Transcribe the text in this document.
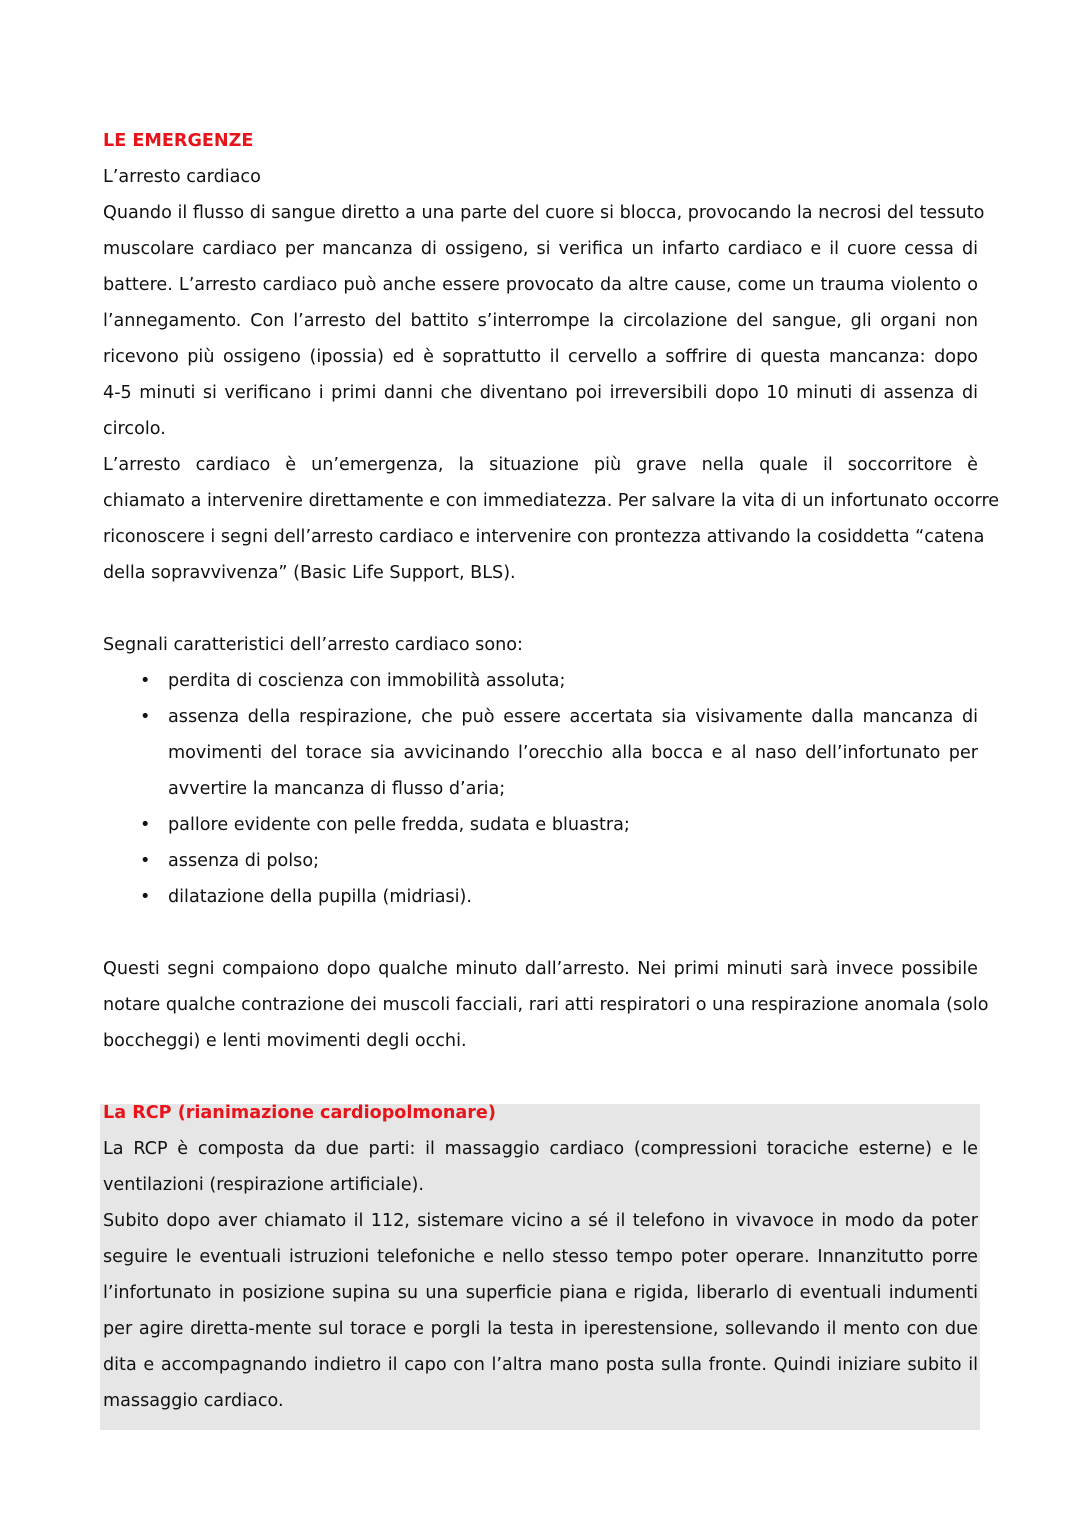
LE EMERGENZE
L’arresto cardiaco
Quando il flusso di sangue diretto a una parte del cuore si blocca, provocando la necrosi del tessuto
muscolare cardiaco per mancanza di ossigeno, si verifica un infarto cardiaco e il cuore cessa di
battere. L’arresto cardiaco può anche essere provocato da altre cause, come un trauma violento o
l’annegamento. Con l’arresto del battito s’interrompe la circolazione del sangue, gli organi non
ricevono più ossigeno (ipossia) ed è soprattutto il cervello a soffrire di questa mancanza: dopo
4-5 minuti si verificano i primi danni che diventano poi irreversibili dopo 10 minuti di assenza di
circolo.
L’arresto cardiaco è un’emergenza, la situazione più grave nella quale il soccorritore è
chiamato a intervenire direttamente e con immediatezza. Per salvare la vita di un infortunato occorre
riconoscere i segni dell’arresto cardiaco e intervenire con prontezza attivando la cosiddetta “catena
della sopravvivenza” (Basic Life Support, BLS).
Segnali caratteristici dell’arresto cardiaco sono:
• perdita di coscienza con immobilità assoluta;
• assenza della respirazione, che può essere accertata sia visivamente dalla mancanza di
movimenti del torace sia avvicinando l’orecchio alla bocca e al naso dell’infortunato per
avvertire la mancanza di flusso d’aria;
• pallore evidente con pelle fredda, sudata e bluastra;
• assenza di polso;
• dilatazione della pupilla (midriasi).
Questi segni compaiono dopo qualche minuto dall’arresto. Nei primi minuti sarà invece possibile
notare qualche contrazione dei muscoli facciali, rari atti respiratori o una respirazione anomala (solo
boccheggi) e lenti movimenti degli occhi.
La RCP (rianimazione cardiopolmonare)
La RCP è composta da due parti: il massaggio cardiaco (compressioni toraciche esterne) e le
ventilazioni (respirazione artificiale).
Subito dopo aver chiamato il 112, sistemare vicino a sé il telefono in vivavoce in modo da poter
seguire le eventuali istruzioni telefoniche e nello stesso tempo poter operare. Innanzitutto porre
l’infortunato in posizione supina su una superficie piana e rigida, liberarlo di eventuali indumenti
per agire diretta-mente sul torace e porgli la testa in iperestensione, sollevando il mento con due
dita e accompagnando indietro il capo con l’altra mano posta sulla fronte. Quindi iniziare subito il
massaggio cardiaco.
